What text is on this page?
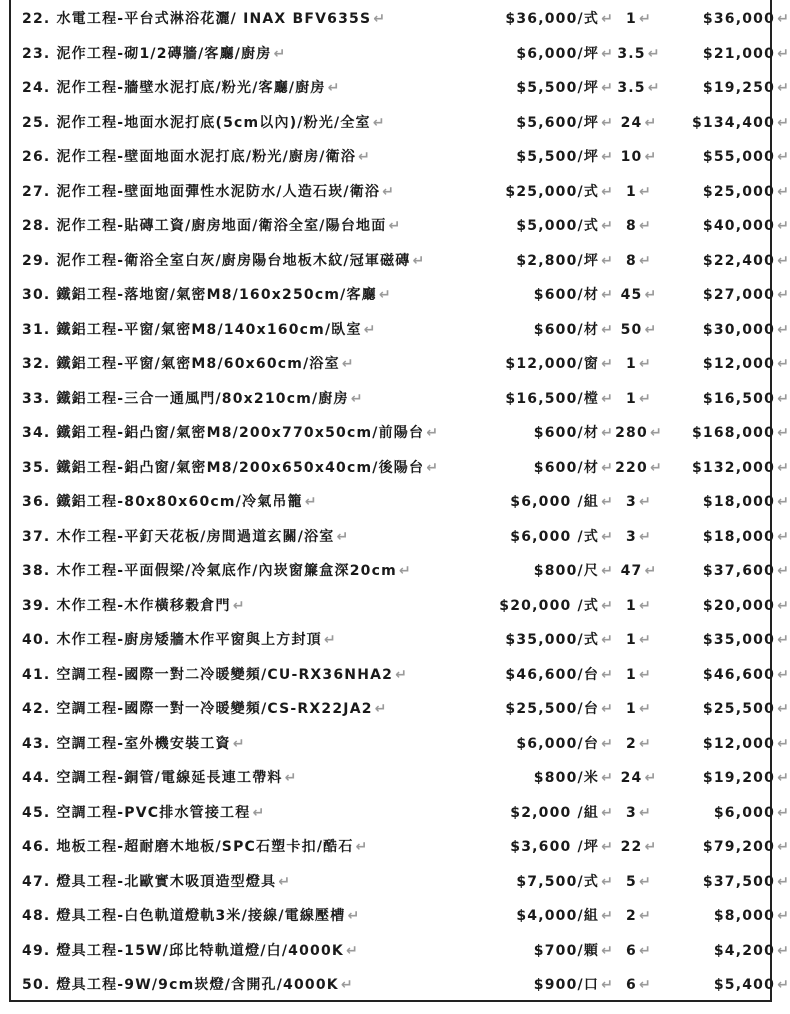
22. 水電工程-平台式淋浴花灑/ INAX BFV635S ↵	$36,000/式 ↵ 1 ↵	$36,000 ↵
23. 泥作工程-砌1/2磚牆/客廳/廚房 ↵	$6,000/坪 ↵ 3.5 ↵	$21,000 ↵
24. 泥作工程-牆壁水泥打底/粉光/客廳/廚房 ↵	$5,500/坪 ↵ 3.5 ↵	$19,250 ↵
25. 泥作工程-地面水泥打底(5cm以內)/粉光/全室 ↵	$5,600/坪 ↵ 24 ↵	$134,400 ↵
26. 泥作工程-壁面地面水泥打底/粉光/廚房/衛浴 ↵	$5,500/坪 ↵ 10 ↵	$55,000 ↵
27. 泥作工程-壁面地面彈性水泥防水/人造石崁/衛浴 ↵	$25,000/式 ↵ 1 ↵	$25,000 ↵
28. 泥作工程-貼磚工資/廚房地面/衛浴全室/陽台地面 ↵	$5,000/式 ↵ 8 ↵	$40,000 ↵
29. 泥作工程-衛浴全室白灰/廚房陽台地板木紋/冠軍磁磚 ↵	$2,800/坪 ↵ 8 ↵	$22,400 ↵
30. 鐵鋁工程-落地窗/氣密M8/160x250cm/客廳 ↵	$600/材 ↵ 45 ↵	$27,000 ↵
31. 鐵鋁工程-平窗/氣密M8/140x160cm/臥室 ↵	$600/材 ↵ 50 ↵	$30,000 ↵
32. 鐵鋁工程-平窗/氣密M8/60x60cm/浴室 ↵	$12,000/窗 ↵ 1 ↵	$12,000 ↵
33. 鐵鋁工程-三合一通風門/80x210cm/廚房 ↵	$16,500/樘 ↵ 1 ↵	$16,500 ↵
34. 鐵鋁工程-鋁凸窗/氣密M8/200x770x50cm/前陽台 ↵	$600/材 ↵ 280 ↵	$168,000 ↵
35. 鐵鋁工程-鋁凸窗/氣密M8/200x650x40cm/後陽台 ↵	$600/材 ↵ 220 ↵	$132,000 ↵
36. 鐵鋁工程-80x80x60cm/冷氣吊籠 ↵	$6,000 /組 ↵ 3 ↵	$18,000 ↵
37. 木作工程-平釘天花板/房間過道玄關/浴室 ↵	$6,000 /式 ↵ 3 ↵	$18,000 ↵
38. 木作工程-平面假梁/冷氣底作/內崁窗簾盒深20cm ↵	$800/尺 ↵ 47 ↵	$37,600 ↵
39. 木作工程-木作橫移穀倉門 ↵	$20,000 /式 ↵ 1 ↵	$20,000 ↵
40. 木作工程-廚房矮牆木作平窗與上方封頂 ↵	$35,000/式 ↵ 1 ↵	$35,000 ↵
41. 空調工程-國際一對二冷暖變頻/CU-RX36NHA2 ↵	$46,600/台 ↵ 1 ↵	$46,600 ↵
42. 空調工程-國際一對一冷暖變頻/CS-RX22JA2 ↵	$25,500/台 ↵ 1 ↵	$25,500 ↵
43. 空調工程-室外機安裝工資 ↵	$6,000/台 ↵ 2 ↵	$12,000 ↵
44. 空調工程-銅管/電線延長連工帶料 ↵	$800/米 ↵ 24 ↵	$19,200 ↵
45. 空調工程-PVC排水管接工程 ↵	$2,000 /組 ↵ 3 ↵	$6,000 ↵
46. 地板工程-超耐磨木地板/SPC石塑卡扣/酷石 ↵	$3,600 /坪 ↵ 22 ↵	$79,200 ↵
47. 燈具工程-北歐實木吸頂造型燈具 ↵	$7,500/式 ↵ 5 ↵	$37,500 ↵
48. 燈具工程-白色軌道燈軌3米/接線/電線壓槽 ↵	$4,000/組 ↵ 2 ↵	$8,000 ↵
49. 燈具工程-15W/邱比特軌道燈/白/4000K ↵	$700/顆 ↵ 6 ↵	$4,200 ↵
50. 燈具工程-9W/9cm崁燈/含開孔/4000K ↵	$900/口 ↵ 6 ↵	$5,400 ↵
